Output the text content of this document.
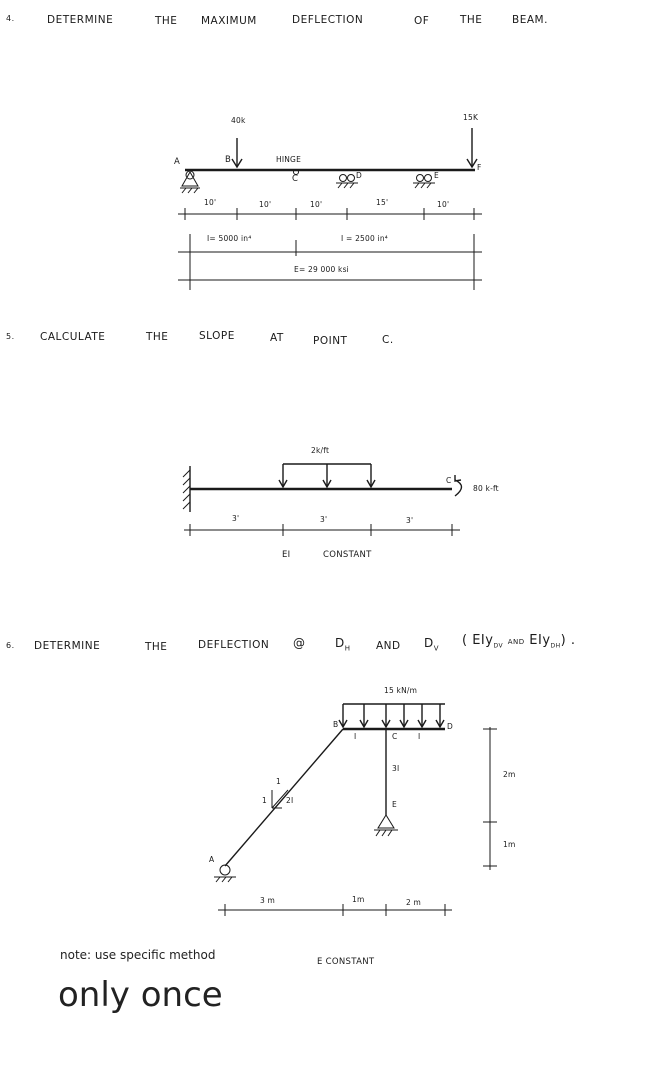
4.	DETERMINE	THE MAXIMUM	DEFLECTION	OF	THE	BEAM.
40k	15K
A	B	HINGE
C	D	E
F
10'	10'	10'	15'	10'
I= 5000 in⁴	I = 2500 in⁴
E= 29 000 ksi
5. CALCULATE	THE	SLOPE	AT	POINT	C.
2k/ft
C
80 k-ft
3'	3'	3'
EI	CONSTANT
6. DETERMINE	THE	DEFLECTION @ $D_H$ AND $D_V$
( EIy$_{DV}$ AND EIy$_{DH}$) .
15 kN/m
B
C
D
E
A
I	I
3I
1
1	2I
2m
1m
3 m	1m	2 m
E CONSTANT
note: use specific method
only once
